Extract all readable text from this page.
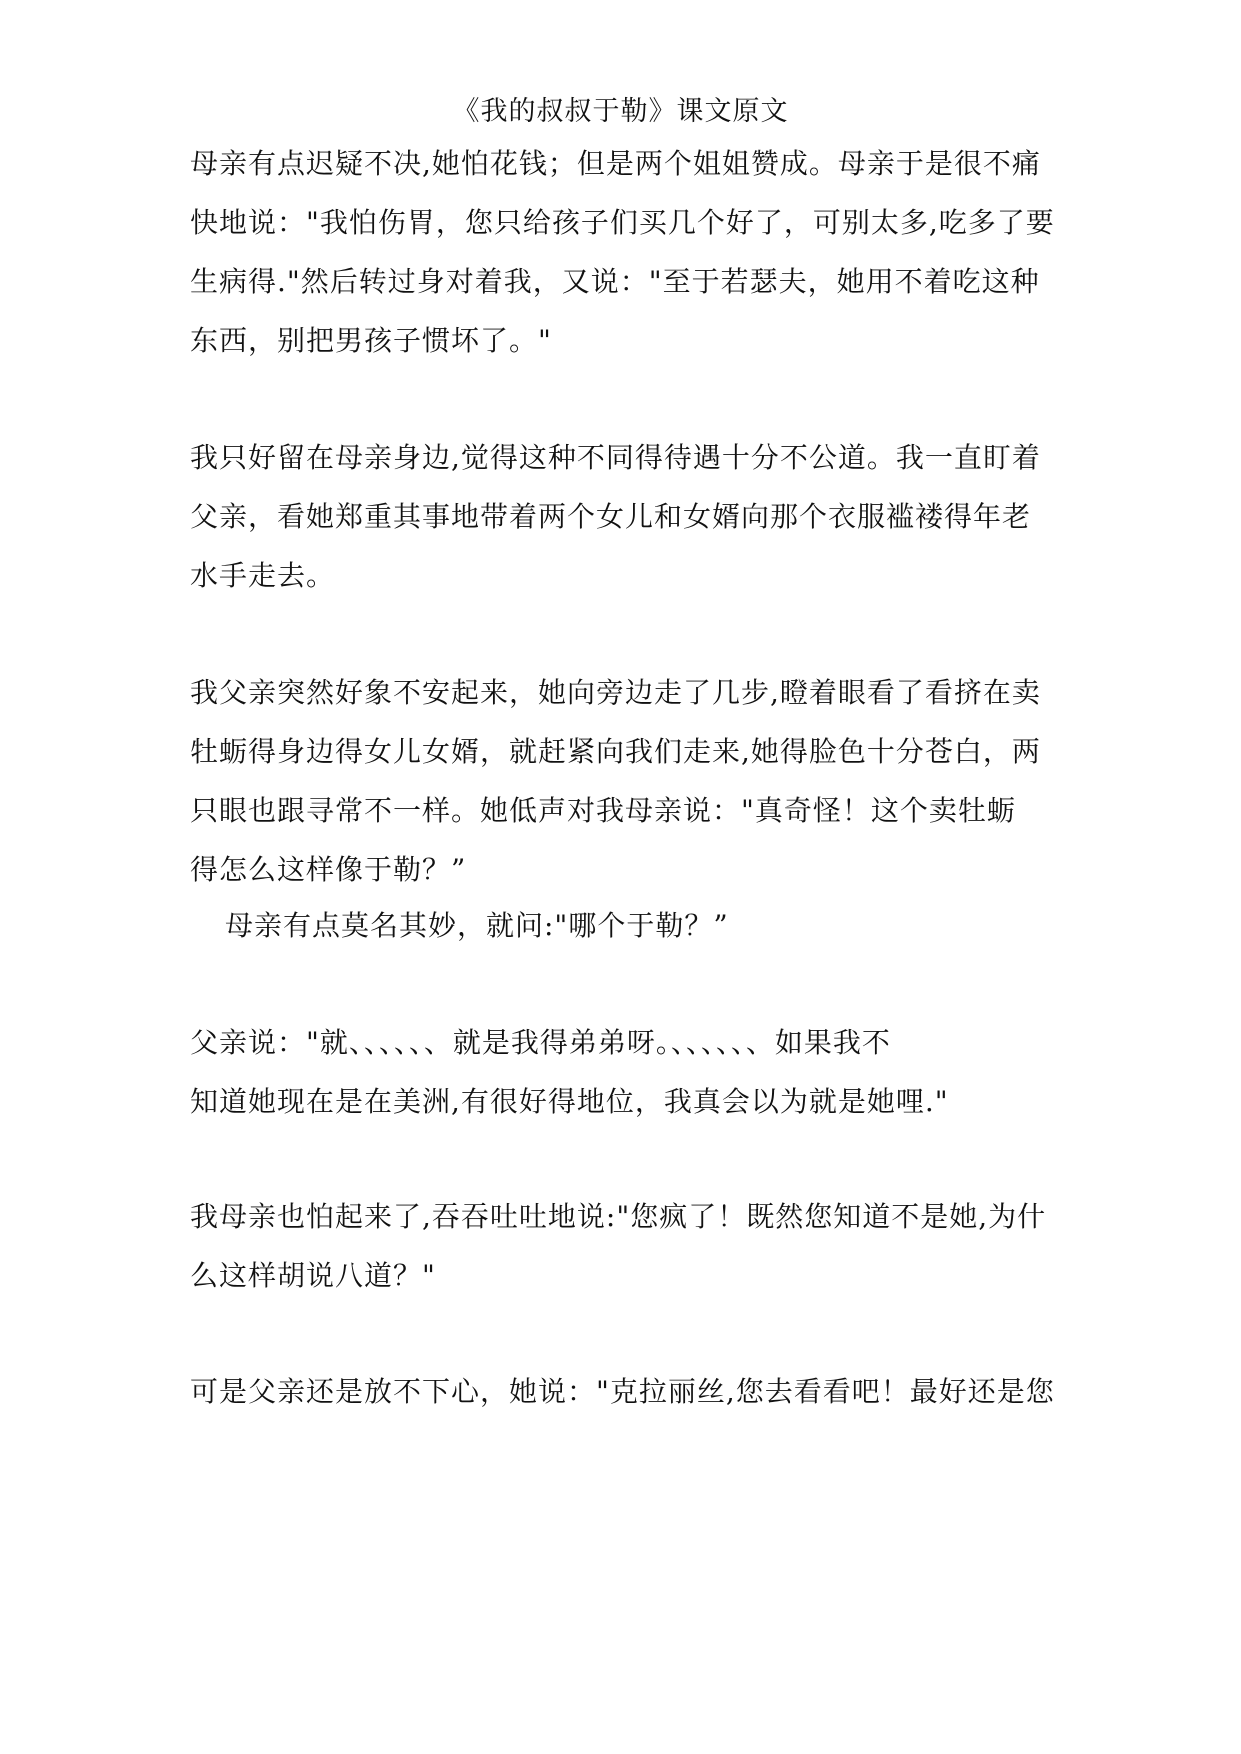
《我的叔叔于勒》课文原文
母亲有点迟疑不决,她怕花钱；但是两个姐姐赞成。母亲于是很不痛
快地说："我怕伤胃，您只给孩子们买几个好了，可别太多,吃多了要
生病得."然后转过身对着我，又说："至于若瑟夫，她用不着吃这种
东西，别把男孩子惯坏了。"
我只好留在母亲身边,觉得这种不同得待遇十分不公道。我一直盯着
父亲，看她郑重其事地带着两个女儿和女婿向那个衣服褴褛得年老
水手走去。
我父亲突然好象不安起来，她向旁边走了几步,瞪着眼看了看挤在卖
牡蛎得身边得女儿女婿，就赶紧向我们走来,她得脸色十分苍白，两
只眼也跟寻常不一样。她低声对我母亲说："真奇怪！这个卖牡蛎
得怎么这样像于勒？”
母亲有点莫名其妙，就问:"哪个于勒？”
父亲说："就、、、、、、就是我得弟弟呀。、、、、、、如果我不
知道她现在是在美洲,有很好得地位，我真会以为就是她哩."
我母亲也怕起来了,吞吞吐吐地说:"您疯了！既然您知道不是她,为什
么这样胡说八道？"
可是父亲还是放不下心，她说："克拉丽丝,您去看看吧！最好还是您
